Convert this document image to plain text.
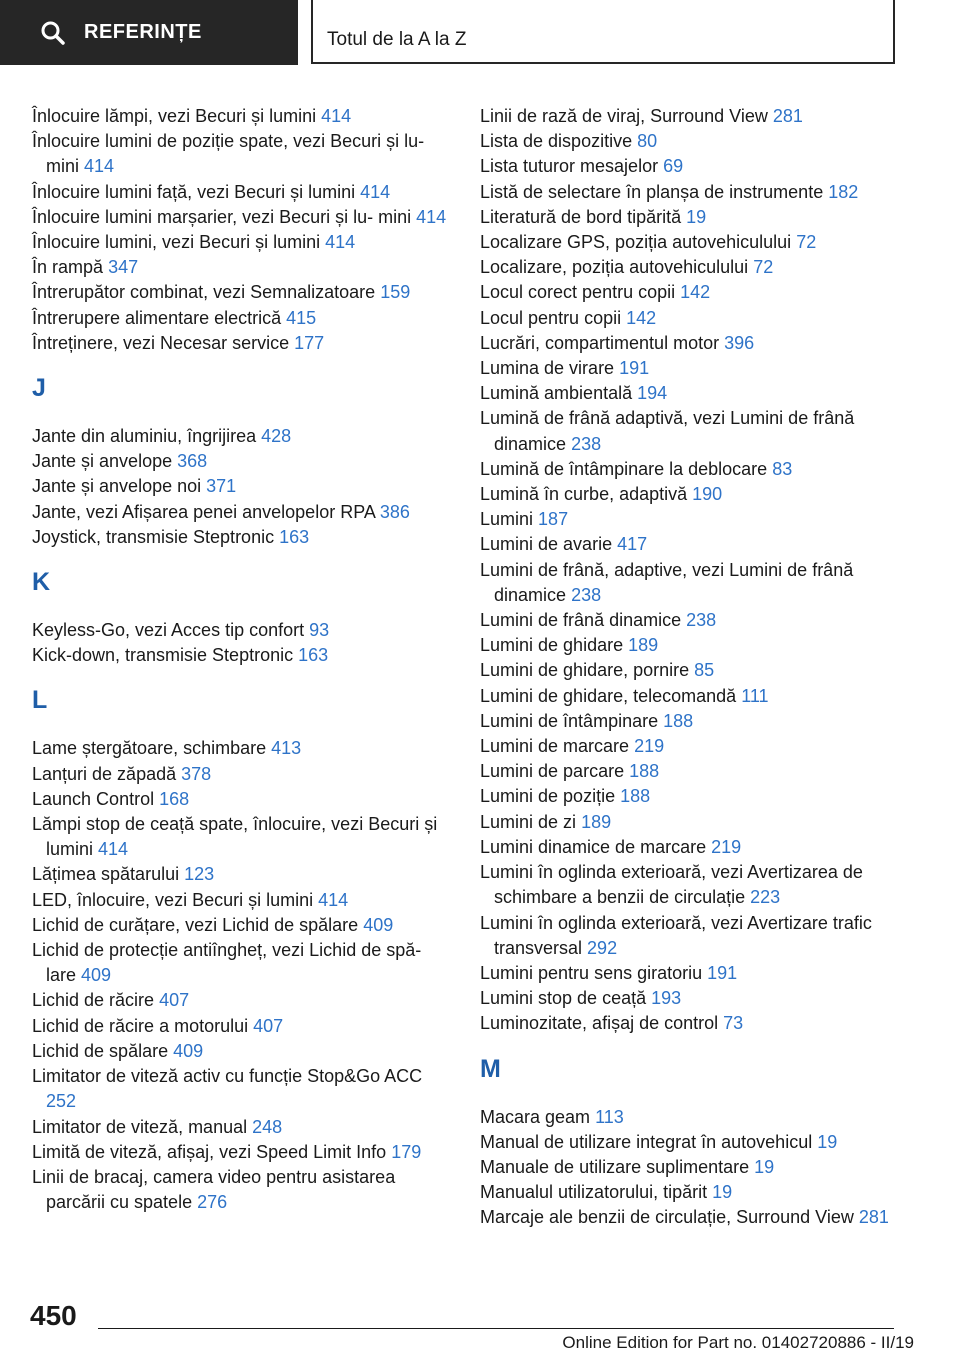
REFERINȚE	Totul de la A la Z
Înlocuire lămpi, vezi Becuri și lumini 414
Înlocuire lumini de poziție spate, vezi Becuri și lu- mini 414
Înlocuire lumini față, vezi Becuri și lumini 414
Înlocuire lumini marșarier, vezi Becuri și lu- mini 414
Înlocuire lumini, vezi Becuri și lumini 414
În rampă 347
Întrerupător combinat, vezi Semnalizatoare 159
Întrerupere alimentare electrică 415
Întreținere, vezi Necesar service 177
J
Jante din aluminiu, îngrijirea 428
Jante și anvelope 368
Jante și anvelope noi 371
Jante, vezi Afișarea penei anvelopelor RPA 386
Joystick, transmisie Steptronic 163
K
Keyless-Go, vezi Acces tip confort 93
Kick-down, transmisie Steptronic 163
L
Lame ștergătoare, schimbare 413
Lanțuri de zăpadă 378
Launch Control 168
Lămpi stop de ceață spate, înlocuire, vezi Becuri și lumini 414
Lățimea spătarului 123
LED, înlocuire, vezi Becuri și lumini 414
Lichid de curățare, vezi Lichid de spălare 409
Lichid de protecție antiîngheț, vezi Lichid de spă- lare 409
Lichid de răcire 407
Lichid de răcire a motorului 407
Lichid de spălare 409
Limitator de viteză activ cu funcție Stop&Go ACC 252
Limitator de viteză, manual 248
Limită de viteză, afișaj, vezi Speed Limit Info 179
Linii de bracaj, camera video pentru asistarea parcării cu spatele 276
Linii de rază de viraj, Surround View 281
Lista de dispozitive 80
Lista tuturor mesajelor 69
Listă de selectare în planșa de instrumente 182
Literatură de bord tipărită 19
Localizare GPS, poziția autovehiculului 72
Localizare, poziția autovehiculului 72
Locul corect pentru copii 142
Locul pentru copii 142
Lucrări, compartimentul motor 396
Lumina de virare 191
Lumină ambientală 194
Lumină de frână adaptivă, vezi Lumini de frână dinamice 238
Lumină de întâmpinare la deblocare 83
Lumină în curbe, adaptivă 190
Lumini 187
Lumini de avarie 417
Lumini de frână, adaptive, vezi Lumini de frână dinamice 238
Lumini de frână dinamice 238
Lumini de ghidare 189
Lumini de ghidare, pornire 85
Lumini de ghidare, telecomandă 111
Lumini de întâmpinare 188
Lumini de marcare 219
Lumini de parcare 188
Lumini de poziție 188
Lumini de zi 189
Lumini dinamice de marcare 219
Lumini în oglinda exterioară, vezi Avertizarea de schimbare a benzii de circulație 223
Lumini în oglinda exterioară, vezi Avertizare trafic transversal 292
Lumini pentru sens giratoriu 191
Lumini stop de ceață 193
Luminozitate, afișaj de control 73
M
Macara geam 113
Manual de utilizare integrat în autovehicul 19
Manuale de utilizare suplimentare 19
Manualul utilizatorului, tipărit 19
Marcaje ale benzii de circulație, Surround View 281
450
Online Edition for Part no. 01402720886 - II/19
